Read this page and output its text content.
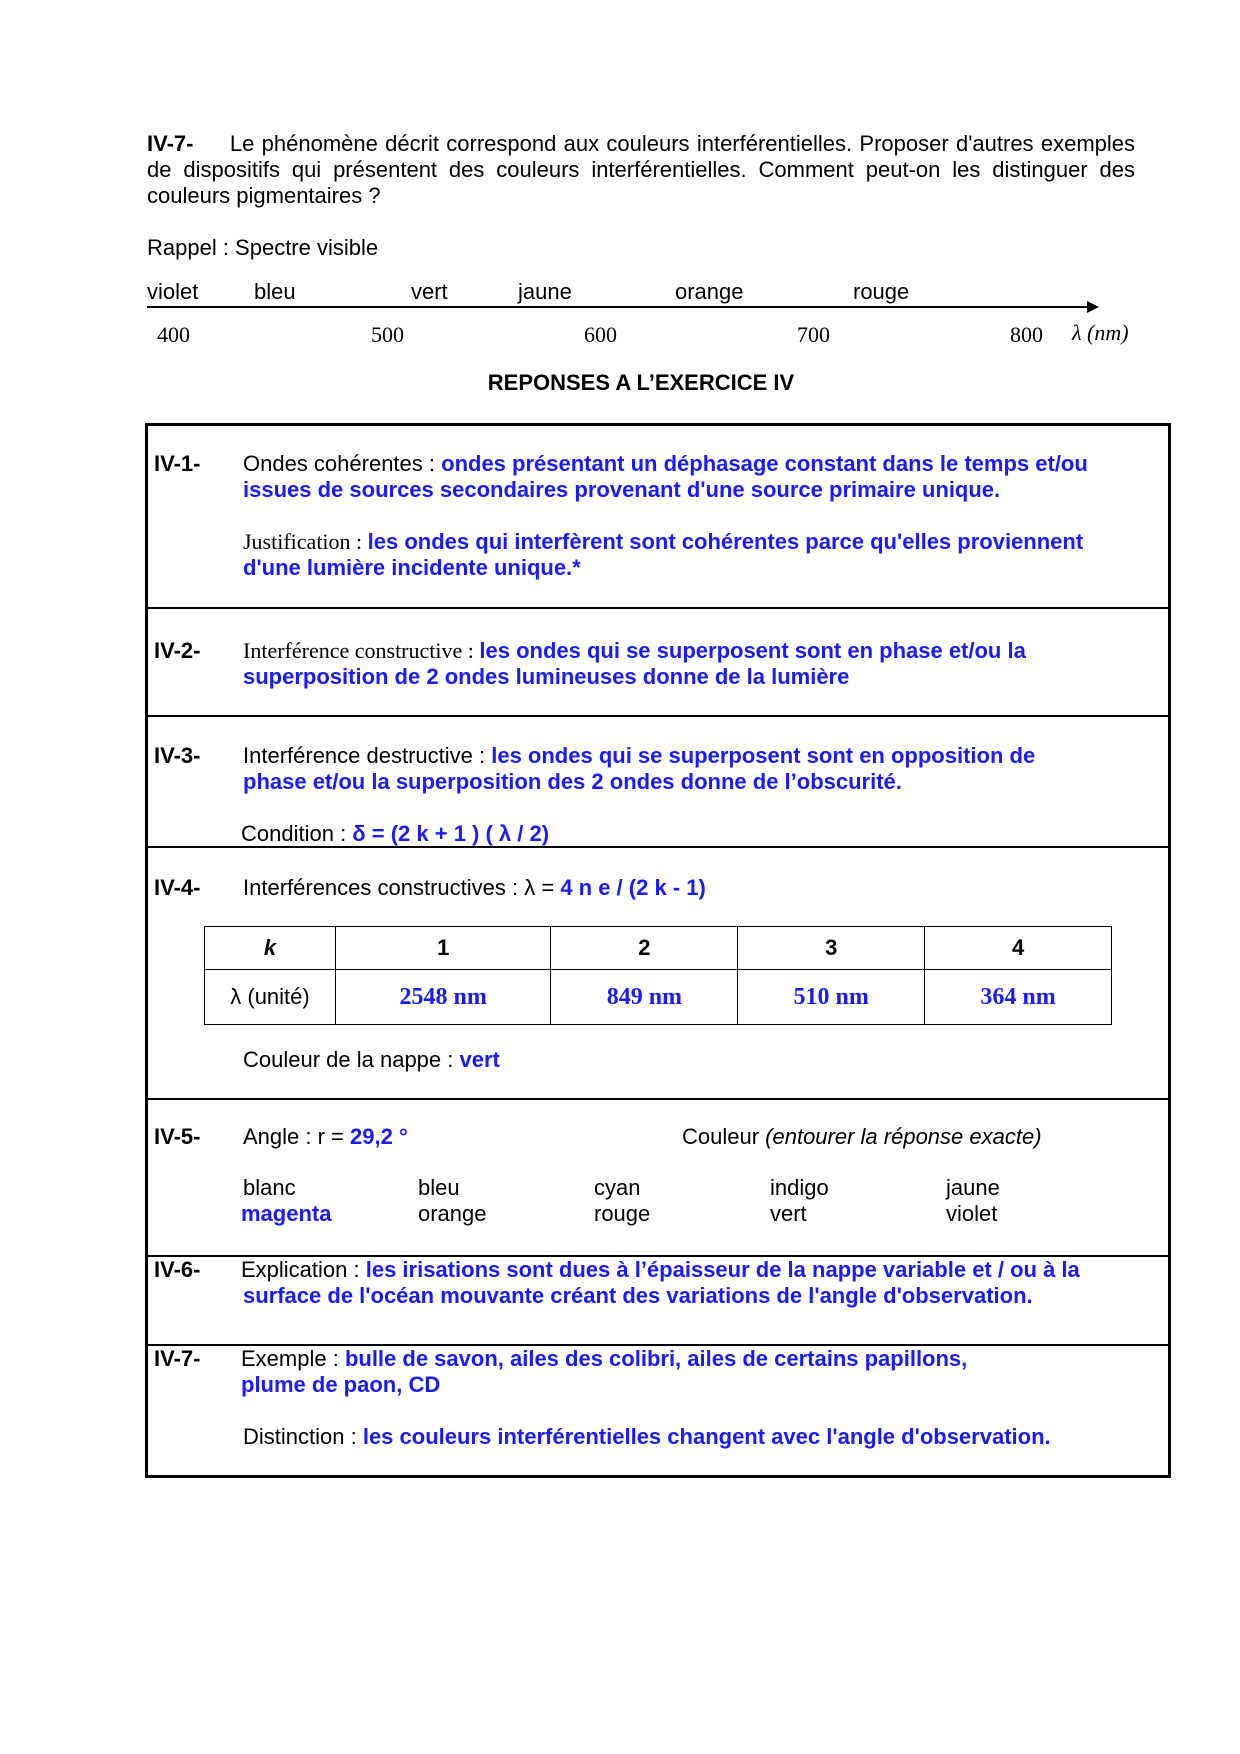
IV-7- Le phénomène décrit correspond aux couleurs interférentielles. Proposer d'autres exemples de dispositifs qui présentent des couleurs interférentielles. Comment peut-on les distinguer des couleurs pigmentaires ?
Rappel : Spectre visible
violet	bleu	vert	jaune	orange	rouge
400	500	600	700	800 λ (nm)
REPONSES A L’EXERCICE IV
IV-1- Ondes cohérentes : ondes présentant un déphasage constant dans le temps et/ou
issues de sources secondaires provenant d'une source primaire unique.
Justification : les ondes qui interfèrent sont cohérentes parce qu'elles proviennent
d'une lumière incidente unique.*
IV-2- Interférence constructive : les ondes qui se superposent sont en phase et/ou la
superposition de 2 ondes lumineuses donne de la lumière
IV-3- Interférence destructive : les ondes qui se superposent sont en opposition de
phase et/ou la superposition des 2 ondes donne de l’obscurité.
Condition : δ = (2 k + 1 ) ( λ / 2)
IV-4- Interférences constructives : λ = 4 n e / (2 k - 1)
k	1	2	3	4
λ (unité)	2548 nm	849 nm	510 nm	364 nm
Couleur de la nappe : vert
IV-5- Angle : r = 29,2 °	Couleur (entourer la réponse exacte)
blanc	bleu	cyan	indigo	jaune
magenta	orange	rouge	vert	violet
IV-6- Explication : les irisations sont dues à l’épaisseur de la nappe variable et / ou à la
surface de l'océan mouvante créant des variations de l'angle d'observation.
IV-7- Exemple : bulle de savon, ailes des colibri, ailes de certains papillons,
plume de paon, CD
Distinction : les couleurs interférentielles changent avec l'angle d'observation.
